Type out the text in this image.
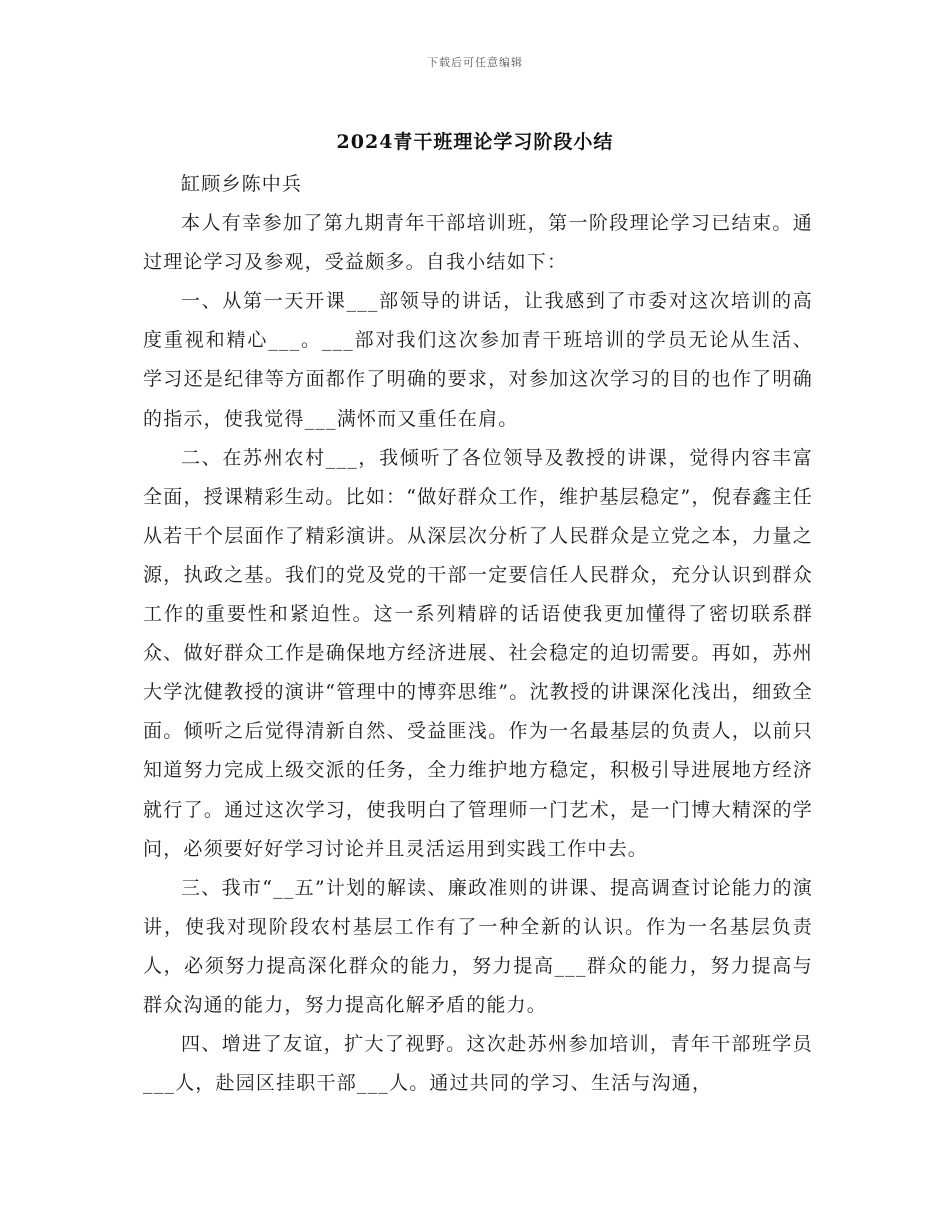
下载后可任意编辑
2024青干班理论学习阶段小结

缸顾乡陈中兵

本人有幸参加了第九期青年干部培训班，第一阶段理论学习已结束。通过理论学习及参观，受益颇多。自我小结如下：

一、从第一天开课___部领导的讲话，让我感到了市委对这次培训的高度重视和精心___。___部对我们这次参加青干班培训的学员无论从生活、学习还是纪律等方面都作了明确的要求，对参加这次学习的目的也作了明确的指示，使我觉得___满怀而又重任在肩。

二、在苏州农村___，我倾听了各位领导及教授的讲课，觉得内容丰富全面，授课精彩生动。比如：“做好群众工作，维护基层稳定”，倪春鑫主任从若干个层面作了精彩演讲。从深层次分析了人民群众是立党之本，力量之源，执政之基。我们的党及党的干部一定要信任人民群众，充分认识到群众工作的重要性和紧迫性。这一系列精辟的话语使我更加懂得了密切联系群众、做好群众工作是确保地方经济进展、社会稳定的迫切需要。再如，苏州大学沈健教授的演讲“管理中的博弈思维”。沈教授的讲课深化浅出，细致全面。倾听之后觉得清新自然、受益匪浅。作为一名最基层的负责人，以前只知道努力完成上级交派的任务，全力维护地方稳定，积极引导进展地方经济就行了。通过这次学习，使我明白了管理师一门艺术，是一门博大精深的学问，必须要好好学习讨论并且灵活运用到实践工作中去。

三、我市“__五”计划的解读、廉政准则的讲课、提高调查讨论能力的演讲，使我对现阶段农村基层工作有了一种全新的认识。作为一名基层负责人，必须努力提高深化群众的能力，努力提高___群众的能力，努力提高与群众沟通的能力，努力提高化解矛盾的能力。

四、增进了友谊，扩大了视野。这次赴苏州参加培训，青年干部班学员___人，赴园区挂职干部___人。通过共同的学习、生活与沟通，
